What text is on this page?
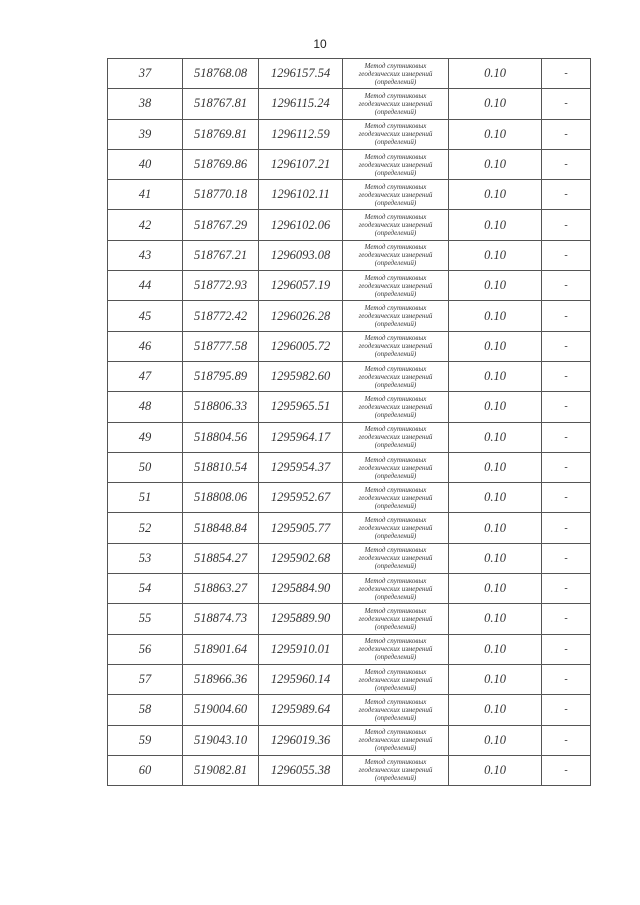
10
37	518768.08	1296157.54	Метод спутниковых
геодезических измерений
(определений)	0.10	-
38	518767.81	1296115.24	Метод спутниковых
геодезических измерений
(определений)	0.10	-
39	518769.81	1296112.59	Метод спутниковых
геодезических измерений
(определений)	0.10	-
40	518769.86	1296107.21	Метод спутниковых
геодезических измерений
(определений)	0.10	-
41	518770.18	1296102.11	Метод спутниковых
геодезических измерений
(определений)	0.10	-
42	518767.29	1296102.06	Метод спутниковых
геодезических измерений
(определений)	0.10	-
43	518767.21	1296093.08	Метод спутниковых
геодезических измерений
(определений)	0.10	-
44	518772.93	1296057.19	Метод спутниковых
геодезических измерений
(определений)	0.10	-
45	518772.42	1296026.28	Метод спутниковых
геодезических измерений
(определений)	0.10	-
46	518777.58	1296005.72	Метод спутниковых
геодезических измерений
(определений)	0.10	-
47	518795.89	1295982.60	Метод спутниковых
геодезических измерений
(определений)	0.10	-
48	518806.33	1295965.51	Метод спутниковых
геодезических измерений
(определений)	0.10	-
49	518804.56	1295964.17	Метод спутниковых
геодезических измерений
(определений)	0.10	-
50	518810.54	1295954.37	Метод спутниковых
геодезических измерений
(определений)	0.10	-
51	518808.06	1295952.67	Метод спутниковых
геодезических измерений
(определений)	0.10	-
52	518848.84	1295905.77	Метод спутниковых
геодезических измерений
(определений)	0.10	-
53	518854.27	1295902.68	Метод спутниковых
геодезических измерений
(определений)	0.10	-
54	518863.27	1295884.90	Метод спутниковых
геодезических измерений
(определений)	0.10	-
55	518874.73	1295889.90	Метод спутниковых
геодезических измерений
(определений)	0.10	-
56	518901.64	1295910.01	Метод спутниковых
геодезических измерений
(определений)	0.10	-
57	518966.36	1295960.14	Метод спутниковых
геодезических измерений
(определений)	0.10	-
58	519004.60	1295989.64	Метод спутниковых
геодезических измерений
(определений)	0.10	-
59	519043.10	1296019.36	Метод спутниковых
геодезических измерений
(определений)	0.10	-
60	519082.81	1296055.38	Метод спутниковых
геодезических измерений
(определений)	0.10	-
